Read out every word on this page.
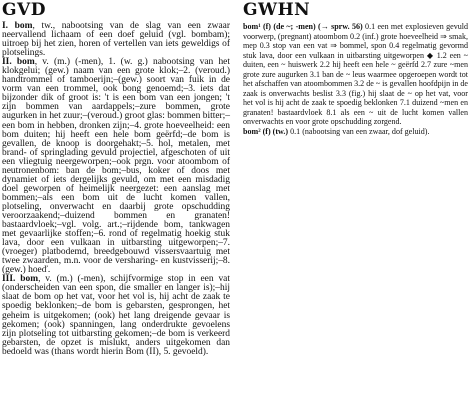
GVD

I. bom, tw., nabootsing van de slag van een zwaar neervallend lichaam of een doef geluid (vgl. bombam); uitroep bij het zien, horen of vertellen van iets geweldigs of plotselings.

II. bom, v. (m.) (-men), 1. (w. g.) nabootsing van het klokgelui; (gew.) naam van een grote klok;–2. (veroud.) handtrommel of tamboerijn;–(gew.) soort van fuik in de vorm van een trommel, ook bong genoemd;–3. iets dat bijzonder dik of groot is: 't is een bom van een jongen; 't zijn bommen van aardappels;–zure bommen, grote augurken in het zuur;–(veroud.) groot glas: bommen bitter;–een bom in hebben, dronken zijn;–4. grote hoeveelheid: een bom duiten; hij heeft een hele bom geërfd;–de bom is gevallen, de knoop is doorgehakt;–5. hol, metalen, met brand- of springlading gevuld projectiel, afgeschoten of uit een vliegtuig neergeworpen;–ook prgn. voor atoombom of neutronenbom: ban de bom;–bus, koker of doos met dynamiet of iets dergelijks gevuld, om met een misdadig doel geworpen of heimelijk neergezet: een aanslag met bommen;–als een bom uit de lucht komen vallen, plotseling, onverwacht en daarbij grote opschudding veroorzaakend;–duizend bommen en granaten! bastaardvloek;–vgl. volg. art.;–rijdende bom, tankwagen met gevaarlijke stoffen;–6. rond of regelmatig hoekig stuk lava, door een vulkaan in uitbarsting uitgeworpen;–7. (vroeger) platbodemd, breedgebouwd vissersvaartuig met twee zwaarden, m.n. voor de versharing- en kustvisserij;–8. (gew.) hoeď.

III. bom, v. (m.) (-men), schijfvormige stop in een vat (onderscheiden van een spon, die smaller en langer is);–hij slaat de bom op het vat, voor het vol is, hij acht de zaak te spoedig beklonken;–de bom is gebarsten, gesprongen, het geheim is uitgekomen; (ook) het lang dreigende gevaar is gekomen; (ook) spanningen, lang onderdrukte gevoelens zijn plotseling tot uitbarsting gekomen;–de bom is verkeerd gebarsten, de opzet is mislukt, anders uitgekomen dan bedoeld was (thans wordt hierin Bom (II), 5. gevoeld).

GWHN

bom¹ (f) (de ~; -men) (→ sprw. 56) 0.1 een met explosieven gevuld voorwerp, (pregnant) atoombom 0.2 (inf.) grote hoeveelheid ⇒ smak, mep 0.3 stop van een vat ⇒ bommel, spon 0.4 regelmatig gevormd stuk lava, door een vulkaan in uitbarsting uitgeworpen ◆ 1.2 een ~ duiten, een ~ huiswerk 2.2 hij heeft een hele ~ geërfd 2.7 zure ~men grote zure augurken 3.1 ban de ~ leus waarmee opgeroepen wordt tot het afschaffen van atoombommen 3.2 de ~ is gevallen hoofdpijn in de zaak is onverwachts beslist 3.3 (fig.) hij slaat de ~ op het vat, voor het vol is hij acht de zaak te spoedig beklonken 7.1 duizend ~men en granaten! bastaardvloek 8.1 als een ~ uit de lucht komen vallen onverwachts en voor grote opschudding zorgend.

bom² (f) (tw.) 0.1 (nabootsing van een zwaar, dof geluid).
